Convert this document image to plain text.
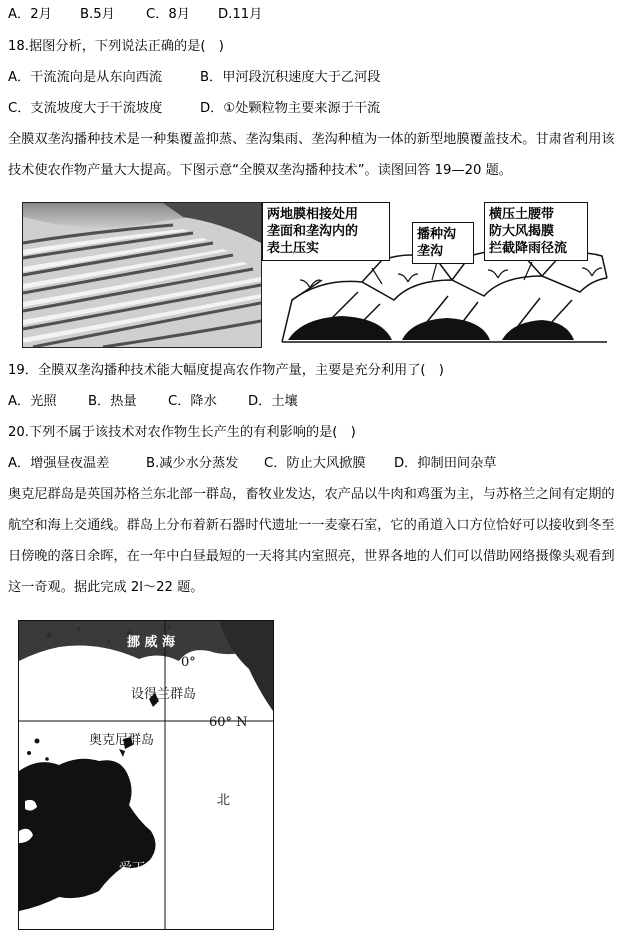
A．2月 B.5月 C．8月 D.11月
18.据图分析，下列说法正确的是(　)
A．干流流向是从东向西流	B．甲河段沉积速度大于乙河段
C．支流坡度大于干流坡度	D．①处颗粒物主要来源于干流
全膜双垄沟播种技术是一种集覆盖抑蒸、垄沟集雨、垄沟种植为一体的新型地膜覆盖技术。甘肃省利用该技术使农作物产量大大提高。下图示意“全膜双垄沟播种技术”。读图回答 19—20 题。
两地膜相接处用
垄面和垄沟内的
表土压实
播种沟
垄沟
横压土腰带
防大风揭膜
拦截降雨径流
19．全膜双垄沟播种技术能大幅度提高农作物产量，主要是充分利用了(　)
A．光照 B．热量 C．降水 D．土壤
20.下列不属于该技术对农作物生长产生的有利影响的是(　)
A．增强昼夜温差	B.减少水分蒸发 C．防止大风掀膜 D．抑制田间杂草
奥克尼群岛是英国苏格兰东北部一群岛，畜牧业发达，农产品以牛肉和鸡蛋为主，与苏格兰之间有定期的航空和海上交通线。群岛上分布着新石器时代遗址一一麦豪石室，它的甬道入口方位恰好可以接收到冬至日傍晚的落日余晖，在一年中白昼最短的一天将其内室照亮，世界各地的人们可以借助网络摄像头观看到这一奇观。据此完成 2l～22 题。
挪 威 海
0°
设得兰群岛
60° N
奥克尼群岛
北
爱丁堡
